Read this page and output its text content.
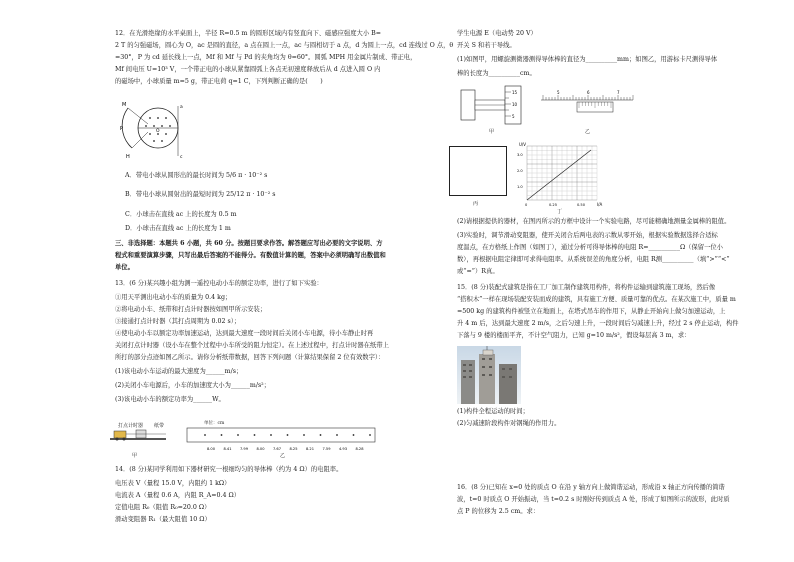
12．在光滑绝缘的水平桌面上，半径 R=0.5 m 的圆形区域内有竖直向下、磁感应强度大小 B=
2 T 的匀强磁场，圆心为 O，ac 是圆的直径，a 点在圆上一点，ac 与圆相切于 a 点，d 为圆上一点，cd 连线过 O 点，θ
=30°，P 为 cd 延长线上一点，Mf 和 Mf 与 Pd 的夹角均为 θ=60°。圆弧 MPH 用金属片制成、带正电，
Mf 间电压 U=10³ V，一个带正电的小球从紧靠圆弧上各点无初速度释放后从 d 点进入圆 O 内
的磁场中，小球质量 m=5 g，带正电荷 q=1 C，下列判断正确的是(　　)
M
P
H
O
a
c
A．带电小球从圆形出的最长时间为 5/6 π · 10⁻² s
B．带电小球从圆射出的最短时间为 25/12 π · 10⁻² s
C．小球击在直线 ac 上的长度为 0.5 m
D．小球击在直线 ac 上的长度为 1 m
三、非选择题：本题共 6 小题，共 60 分。按题目要求作答。解答题应写出必要的文字说明、方
程式和重要演算步骤，只写出最后答案的不能得分。有数值计算的题，答案中必须明确写出数值和
单位。
13．(6 分)某兴趣小组为测一遥控电动小车的额定功率，进行了如下实验：
①用天平测出电动小车的质量为 0.4 kg；
②将电动小车、纸带和打点计时器按如图甲所示安装；
③接通打点计时器（其打点周期为 0.02 s）；
④使电动小车以额定功率加速运动，达到最大速度一段时间后关闭小车电源，待小车静止时再
关闭打点计时器（设小车在整个过程中小车所受的阻力恒定）。在上述过程中，打点计时器在纸带上
所打的部分点迹如图乙所示。请你分析纸带数据，回答下列问题（计算结果保留 2 位有效数字）：
(1)该电动小车运动的最大速度为______m/s；
(2)关闭小车电源后，小车的加速度大小为______m/s²；
(3)该电动小车的额定功率为______W。
打点计时器 纸带
甲
8.00 8.41 7.99 8.00 7.67 8.25 8.21 7.59 4.93 8.28
单位：cm
乙
14．(8 分)某同学利用如下器材研究一根细均匀的导体棒（约为 4 Ω）的电阻率。
电压表 V（量程 15.0 V，内阻约 1 kΩ）
电流表 A（量程 0.6 A，内阻 R_A=0.4 Ω）
定值电阻 R₀（阻值 R₀=20.0 Ω）
滑动变阻器 R₁（最大阻值 10 Ω）
学生电源 E（电动势 20 V）
开关 S 和若干导线。
(1)如图甲，用螺旋测微器测得导体棒的直径为__________mm；如图乙，用游标卡尺测得导体
棒的长度为__________cm。
15
10
5
甲
5	6	7
乙
丙
U/V
I/A
3.0
2.0
1.0
0	0.25	0.50
丁
(2)请根据提供的器材，在图丙所示的方框中设计一个实验电路，尽可能精确地测量金属棒的阻值。
(3)实验时，调节滑动变阻器，使开关闭合后两电表的示数从零开始，根据实验数据选择合适标
度温点，在方格纸上作图（如图丁），通过分析可得导体棒的电阻 R=__________Ω（保留一位小
数），再根据电阻定律即可求得电阻率。从系统误差的角度分析，电阻 R测__________（填“>”“<”
或“=”）R真。
15．(8 分)装配式建筑是指在工厂加工制作建筑用构件，将构件运输到建筑施工现场，然后像
“搭积木”一样在现场装配安装而成的建筑，具有施工方便、质量可靠的优点。在某次施工中，质量 m
=500 kg 的建筑构件被竖立在地面上，在塔式吊车的作用下，从静止开始向上做匀加速运动，上
升 4 m 后，达到最大速度 2 m/s，之后匀速上升，一段时间后匀减速上升，经过 2 s 停止运动，构件
下落与 9 楼的楼面平齐，不计空气阻力，已知 g=10 m/s²，假设每层高 3 m，求：
(1)构件全程运动的时间；
(2)匀减速阶段构件对钢绳的作用力。
16．(8 分)已知在 x=0 处的质点 O 在沿 y 轴方向上做简谐运动，形成沿 x 轴正方向传播的简谐
波，t=0 时质点 O 开始振动，当 t=0.2 s 时刚好传到质点 A 处，形成了如图所示的波形，此时质
点 P 的位移为 2.5 cm。求：
